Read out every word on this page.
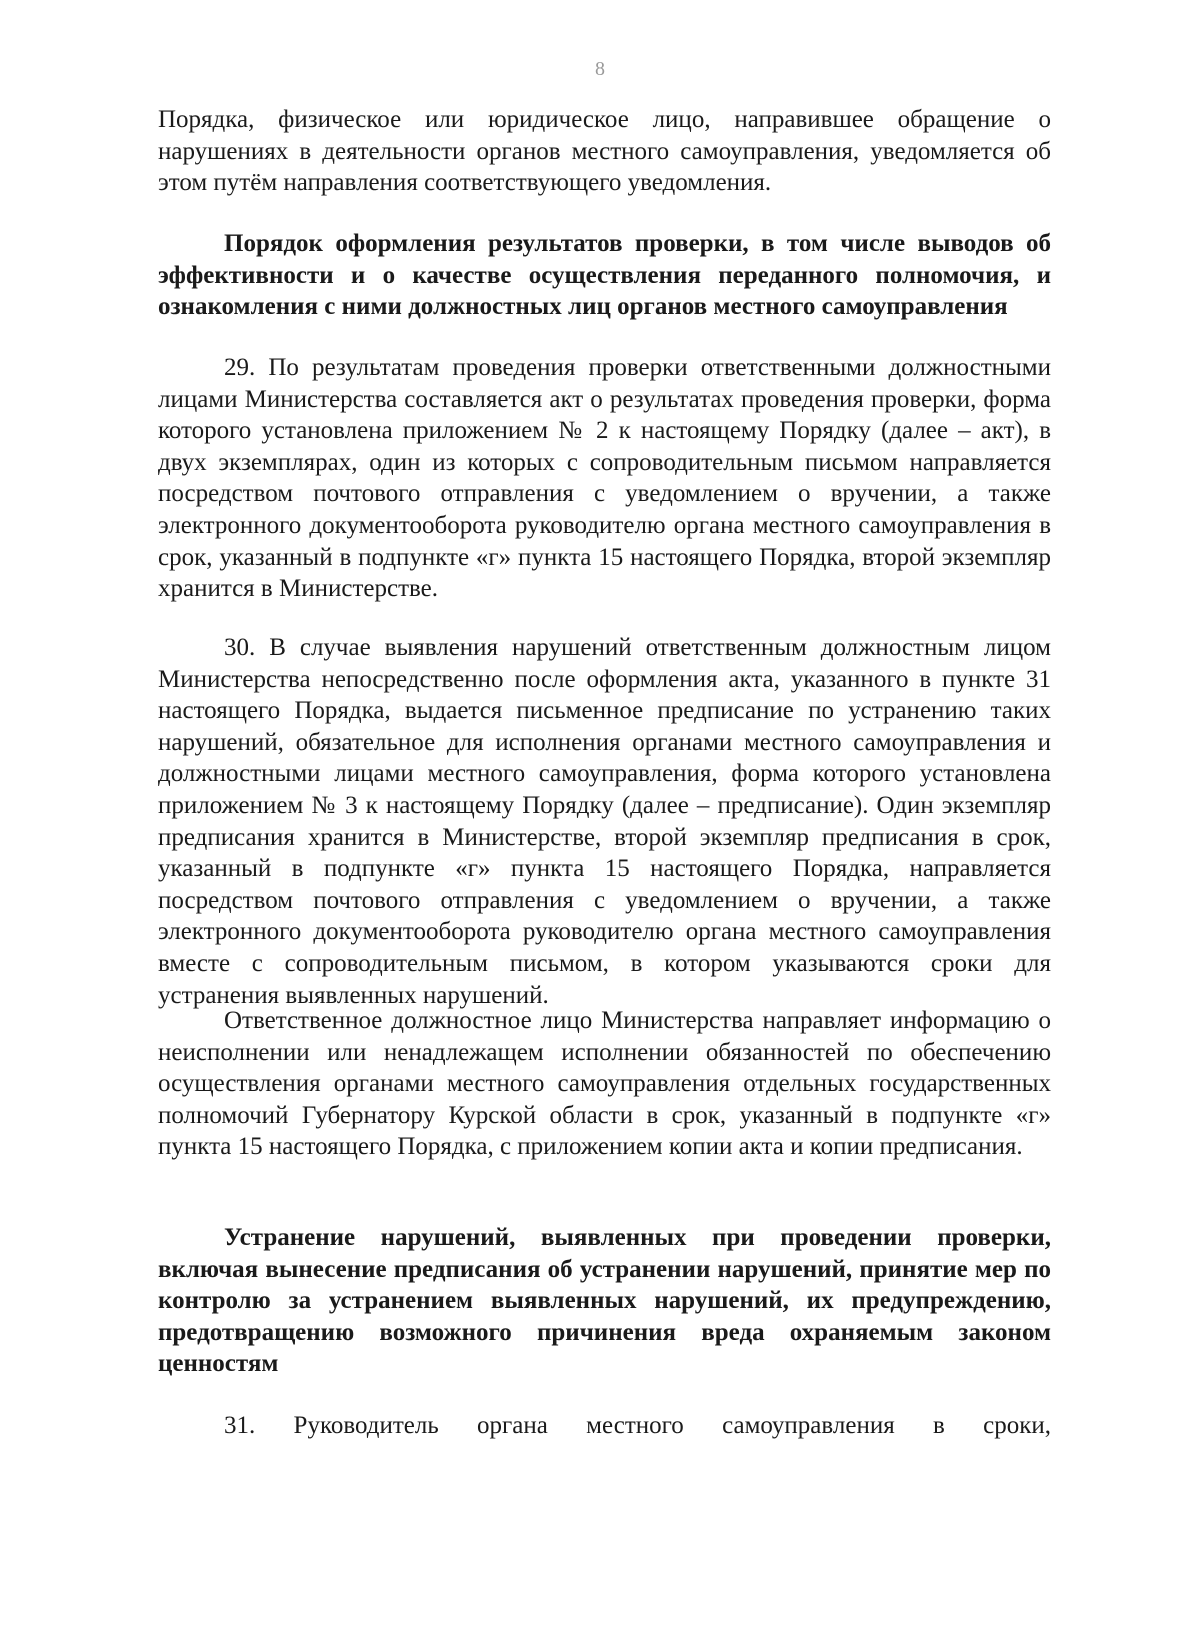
8

Порядка, физическое или юридическое лицо, направившее обращение о нарушениях в деятельности органов местного самоуправления, уведомляется об этом путём направления соответствующего уведомления.

Порядок оформления результатов проверки, в том числе выводов об эффективности и о качестве осуществления переданного полномочия, и ознакомления с ними должностных лиц органов местного самоуправления

29. По результатам проведения проверки ответственными должностными лицами Министерства составляется акт о результатах проведения проверки, форма которого установлена приложением № 2 к настоящему Порядку (далее – акт), в двух экземплярах, один из которых с сопроводительным письмом направляется посредством почтового отправления с уведомлением о вручении, а также электронного документооборота руководителю органа местного самоуправления в срок, указанный в подпункте «г» пункта 15 настоящего Порядка, второй экземпляр хранится в Министерстве.

30. В случае выявления нарушений ответственным должностным лицом Министерства непосредственно после оформления акта, указанного в пункте 31 настоящего Порядка, выдается письменное предписание по устранению таких нарушений, обязательное для исполнения органами местного самоуправления и должностными лицами местного самоуправления, форма которого установлена приложением № 3 к настоящему Порядку (далее – предписание). Один экземпляр предписания хранится в Министерстве, второй экземпляр предписания в срок, указанный в подпункте «г» пункта 15 настоящего Порядка, направляется посредством почтового отправления с уведомлением о вручении, а также электронного документооборота руководителю органа местного самоуправления вместе с сопроводительным письмом, в котором указываются сроки для устранения выявленных нарушений.

Ответственное должностное лицо Министерства направляет информацию о неисполнении или ненадлежащем исполнении обязанностей по обеспечению осуществления органами местного самоуправления отдельных государственных полномочий Губернатору Курской области в срок, указанный в подпункте «г» пункта 15 настоящего Порядка, с приложением копии акта и копии предписания.

Устранение нарушений, выявленных при проведении проверки, включая вынесение предписания об устранении нарушений, принятие мер по контролю за устранением выявленных нарушений, их предупреждению, предотвращению возможного причинения вреда охраняемым законом ценностям

31. Руководитель органа местного самоуправления в сроки,
